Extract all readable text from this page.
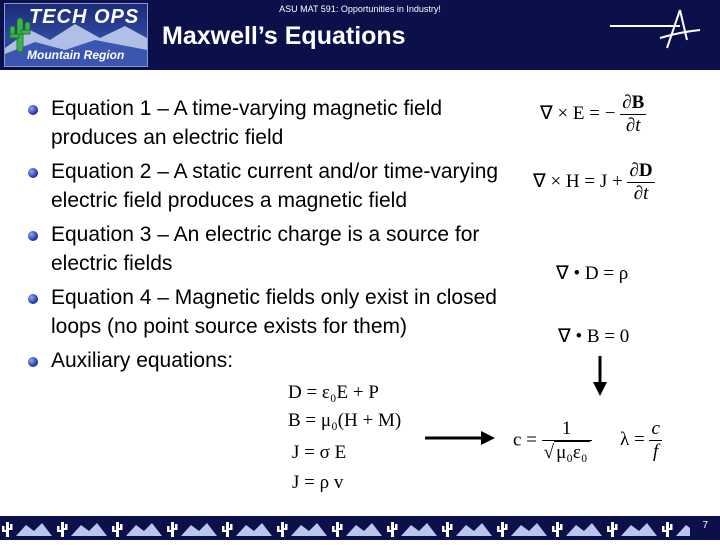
TECH OPS
Mountain Region
ASU MAT 591: Opportunities in Industry!
Maxwell’s Equations
Equation 1 – A time-varying magnetic field produces an electric field
Equation 2 – A static current and/or time-varying electric field produces a magnetic field
Equation 3 – An electric charge is a source for electric fields
Equation 4 – Magnetic fields only exist in closed loops (no point source exists for them)
Auxiliary equations:
∇ × E = − $\frac{\partial B}{\partial t}$
∇ × $H = J + \frac{\partial D}{\partial t}$
∇ • D = ρ
∇ • B = 0
D = ε₀E + P
B = μ₀(H + M)
J = σ E
J = ρ v
$c = \frac{1}{\text{√ μ₀ε₀}}$ $\lambda = \frac{c}{f}$
7
